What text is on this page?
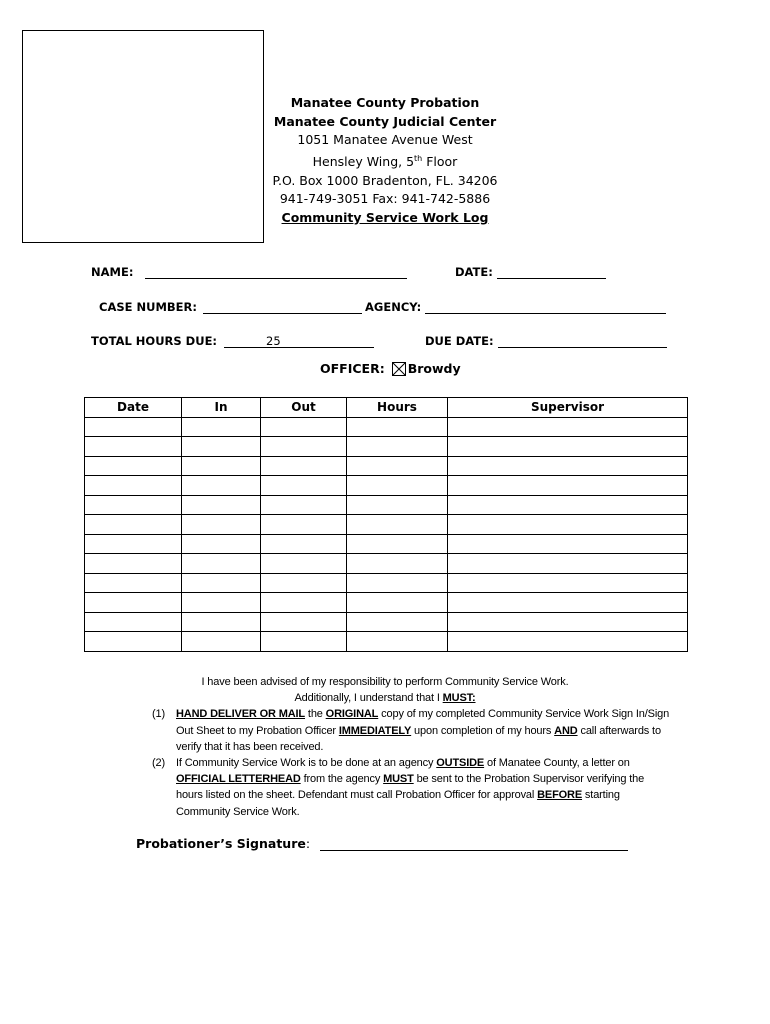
Manatee County Probation
Manatee County Judicial Center
1051 Manatee Avenue West
Hensley Wing, 5th Floor
P.O. Box 1000 Bradenton, FL. 34206
941-749-3051 Fax: 941-742-5886
Community Service Work Log
NAME:	DATE:
CASE NUMBER:	AGENCY:
TOTAL HOURS DUE:	25	DUE DATE:
OFFICER: Browdy
Date	In	Out	Hours	Supervisor

I have been advised of my responsibility to perform Community Service Work.
Additionally, I understand that I MUST:
(1) HAND DELIVER OR MAIL the ORIGINAL copy of my completed Community Service Work Sign In/Sign Out Sheet to my Probation Officer IMMEDIATELY upon completion of my hours AND call afterwards to verify that it has been received.
(2) If Community Service Work is to be done at an agency OUTSIDE of Manatee County, a letter on OFFICIAL LETTERHEAD from the agency MUST be sent to the Probation Supervisor verifying the hours listed on the sheet. Defendant must call Probation Officer for approval BEFORE starting Community Service Work.
Probationer’s Signature :
